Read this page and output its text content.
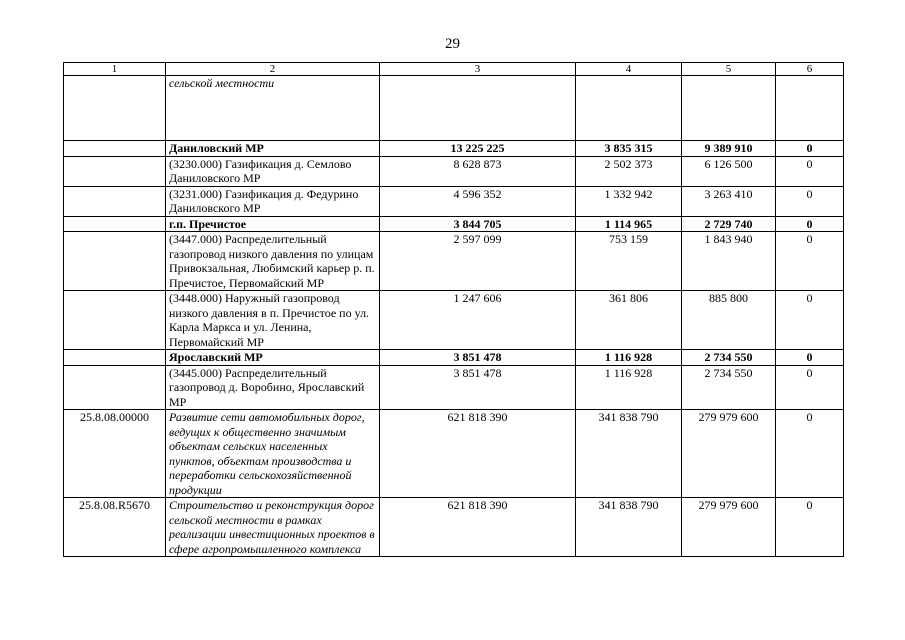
29
1	2	3	4	5	6
	сельской местности				
	Даниловский МР	13 225 225	3 835 315	9 389 910	0
	(3230.000) Газификация д. Семлово Даниловского МР	8 628 873	2 502 373	6 126 500	0
	(3231.000) Газификация д. Федурино Даниловского МР	4 596 352	1 332 942	3 263 410	0
	г.п. Пречистое	3 844 705	1 114 965	2 729 740	0
	(3447.000) Распределительный газопровод низкого давления по улицам Привокзальная, Любимский карьер р. п. Пречистое, Первомайский МР	2 597 099	753 159	1 843 940	0
	(3448.000) Наружный газопровод низкого давления в п. Пречистое по ул. Карла Маркса и ул. Ленина, Первомайский МР	1 247 606	361 806	885 800	0
	Ярославский МР	3 851 478	1 116 928	2 734 550	0
	(3445.000) Распределительный газопровод д. Воробино, Ярославский МР	3 851 478	1 116 928	2 734 550	0
25.8.08.00000	Развитие сети автомобильных дорог, ведущих к общественно значимым объектам сельских населенных пунктов, объектам производства и переработки сельскохозяйственной продукции	621 818 390	341 838 790	279 979 600	0
25.8.08.R5670	Строительство и реконструкция дорог сельской местности в рамках реализации инвестиционных проектов в сфере агропромышленного комплекса	621 818 390	341 838 790	279 979 600	0
